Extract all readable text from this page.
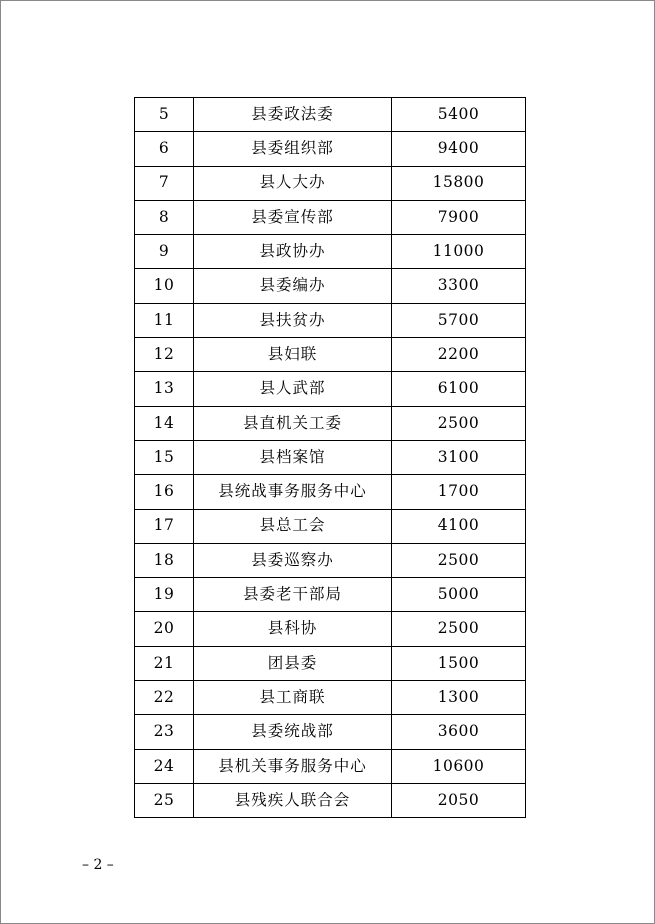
5	县委政法委	5400
6	县委组织部	9400
7	县人大办	15800
8	县委宣传部	7900
9	县政协办	11000
10	县委编办	3300
11	县扶贫办	5700
12	县妇联	2200
13	县人武部	6100
14	县直机关工委	2500
15	县档案馆	3100
16	县统战事务服务中心	1700
17	县总工会	4100
18	县委巡察办	2500
19	县委老干部局	5000
20	县科协	2500
21	团县委	1500
22	县工商联	1300
23	县委统战部	3600
24	县机关事务服务中心	10600
25	县残疾人联合会	2050
– 2 –
